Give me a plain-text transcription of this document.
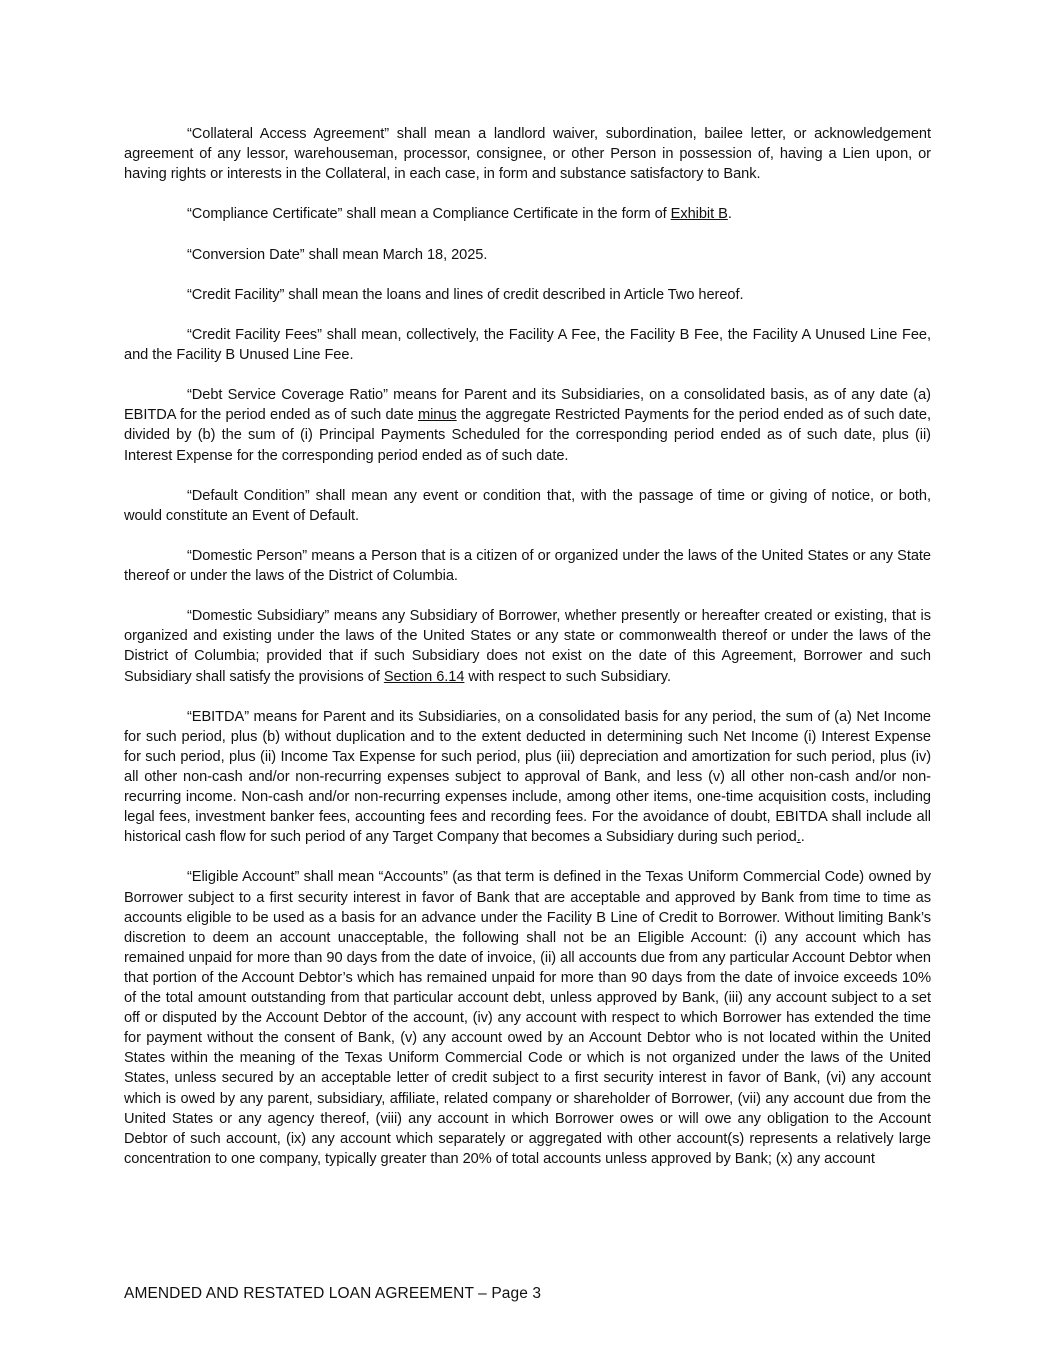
“Collateral Access Agreement” shall mean a landlord waiver, subordination, bailee letter, or acknowledgement agreement of any lessor, warehouseman, processor, consignee, or other Person in possession of, having a Lien upon, or having rights or interests in the Collateral, in each case, in form and substance satisfactory to Bank.

“Compliance Certificate” shall mean a Compliance Certificate in the form of Exhibit B.

“Conversion Date” shall mean March 18, 2025.

“Credit Facility” shall mean the loans and lines of credit described in Article Two hereof.

“Credit Facility Fees” shall mean, collectively, the Facility A Fee, the Facility B Fee, the Facility A Unused Line Fee, and the Facility B Unused Line Fee.

“Debt Service Coverage Ratio” means for Parent and its Subsidiaries, on a consolidated basis, as of any date (a) EBITDA for the period ended as of such date minus the aggregate Restricted Payments for the period ended as of such date, divided by (b) the sum of (i) Principal Payments Scheduled for the corresponding period ended as of such date, plus (ii) Interest Expense for the corresponding period ended as of such date.

“Default Condition” shall mean any event or condition that, with the passage of time or giving of notice, or both, would constitute an Event of Default.

“Domestic Person” means a Person that is a citizen of or organized under the laws of the United States or any State thereof or under the laws of the District of Columbia.

“Domestic Subsidiary” means any Subsidiary of Borrower, whether presently or hereafter created or existing, that is organized and existing under the laws of the United States or any state or commonwealth thereof or under the laws of the District of Columbia; provided that if such Subsidiary does not exist on the date of this Agreement, Borrower and such Subsidiary shall satisfy the provisions of Section 6.14 with respect to such Subsidiary.

“EBITDA” means for Parent and its Subsidiaries, on a consolidated basis for any period, the sum of (a) Net Income for such period, plus (b) without duplication and to the extent deducted in determining such Net Income (i) Interest Expense for such period, plus (ii) Income Tax Expense for such period, plus (iii) depreciation and amortization for such period, plus (iv) all other non-cash and/or non-recurring expenses subject to approval of Bank, and less (v) all other non-cash and/or non-recurring income. Non-cash and/or non-recurring expenses include, among other items, one-time acquisition costs, including legal fees, investment banker fees, accounting fees and recording fees. For the avoidance of doubt, EBITDA shall include all historical cash flow for such period of any Target Company that becomes a Subsidiary during such period..

“Eligible Account” shall mean “Accounts” (as that term is defined in the Texas Uniform Commercial Code) owned by Borrower subject to a first security interest in favor of Bank that are acceptable and approved by Bank from time to time as accounts eligible to be used as a basis for an advance under the Facility B Line of Credit to Borrower. Without limiting Bank’s discretion to deem an account unacceptable, the following shall not be an Eligible Account: (i) any account which has remained unpaid for more than 90 days from the date of invoice, (ii) all accounts due from any particular Account Debtor when that portion of the Account Debtor’s which has remained unpaid for more than 90 days from the date of invoice exceeds 10% of the total amount outstanding from that particular account debt, unless approved by Bank, (iii) any account subject to a set off or disputed by the Account Debtor of the account, (iv) any account with respect to which Borrower has extended the time for payment without the consent of Bank, (v) any account owed by an Account Debtor who is not located within the United States within the meaning of the Texas Uniform Commercial Code or which is not organized under the laws of the United States, unless secured by an acceptable letter of credit subject to a first security interest in favor of Bank, (vi) any account which is owed by any parent, subsidiary, affiliate, related company or shareholder of Borrower, (vii) any account due from the United States or any agency thereof, (viii) any account in which Borrower owes or will owe any obligation to the Account Debtor of such account, (ix) any account which separately or aggregated with other account(s) represents a relatively large concentration to one company, typically greater than 20% of total accounts unless approved by Bank; (x) any account

AMENDED AND RESTATED LOAN AGREEMENT – Page 3
